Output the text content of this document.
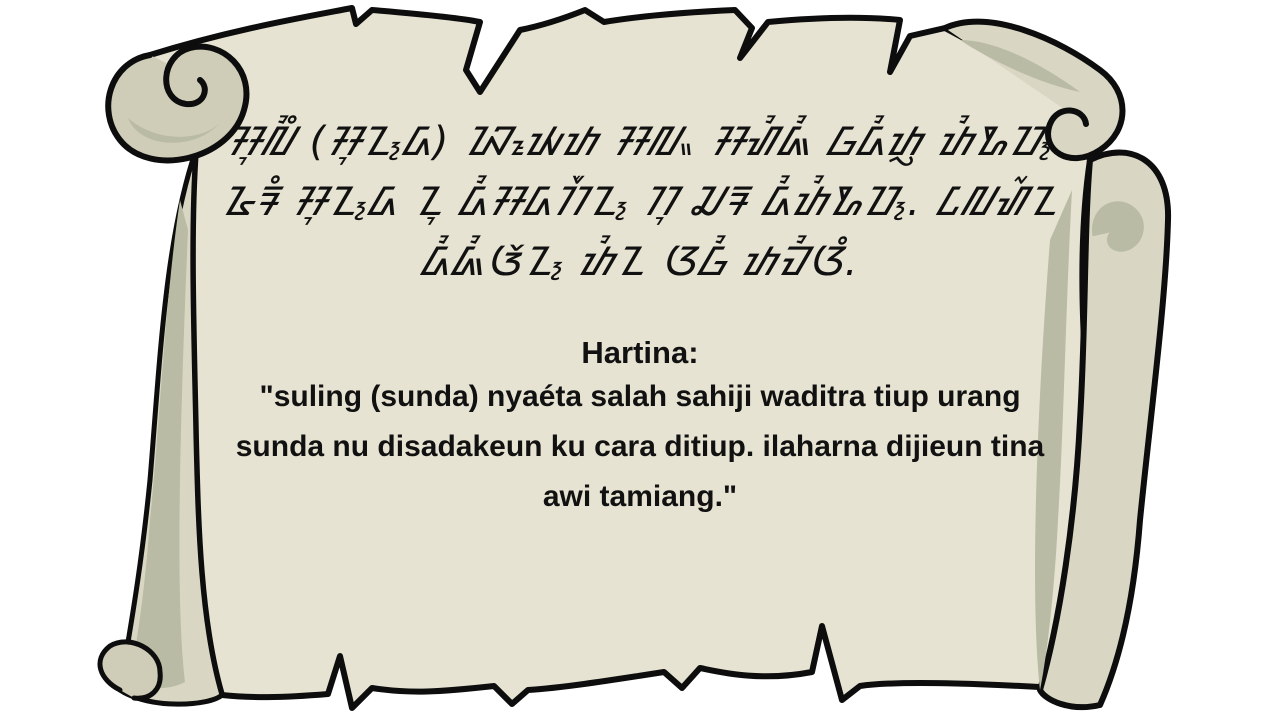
ᮞᮥᮜᮤᮀ (ᮞᮥᮔ᮪ᮓ) ᮑᮚᮦᮒ ᮞᮜᮂ ᮞᮠᮤᮏᮤ ᮝᮓᮤᮒᮢ ᮒᮤᮇᮕ᮪ ᮅᮛᮀ ᮞᮥᮔ᮪ᮓ ᮔᮥ ᮓᮤᮞᮓᮊᮩᮔ᮪ ᮊᮥ ᮎᮛ ᮓᮤᮒᮤᮇᮕ᮪. ᮄᮜᮠᮁᮔ ᮓᮤᮏᮤᮉᮔ᮪ ᮒᮤᮔ ᮃᮝᮤ ᮒᮙᮤᮃᮀ.

Hartina:

"suling (sunda) nyaéta salah sahiji waditra tiup urang sunda nu disadakeun ku cara ditiup. ilaharna dijieun tina awi tamiang."
